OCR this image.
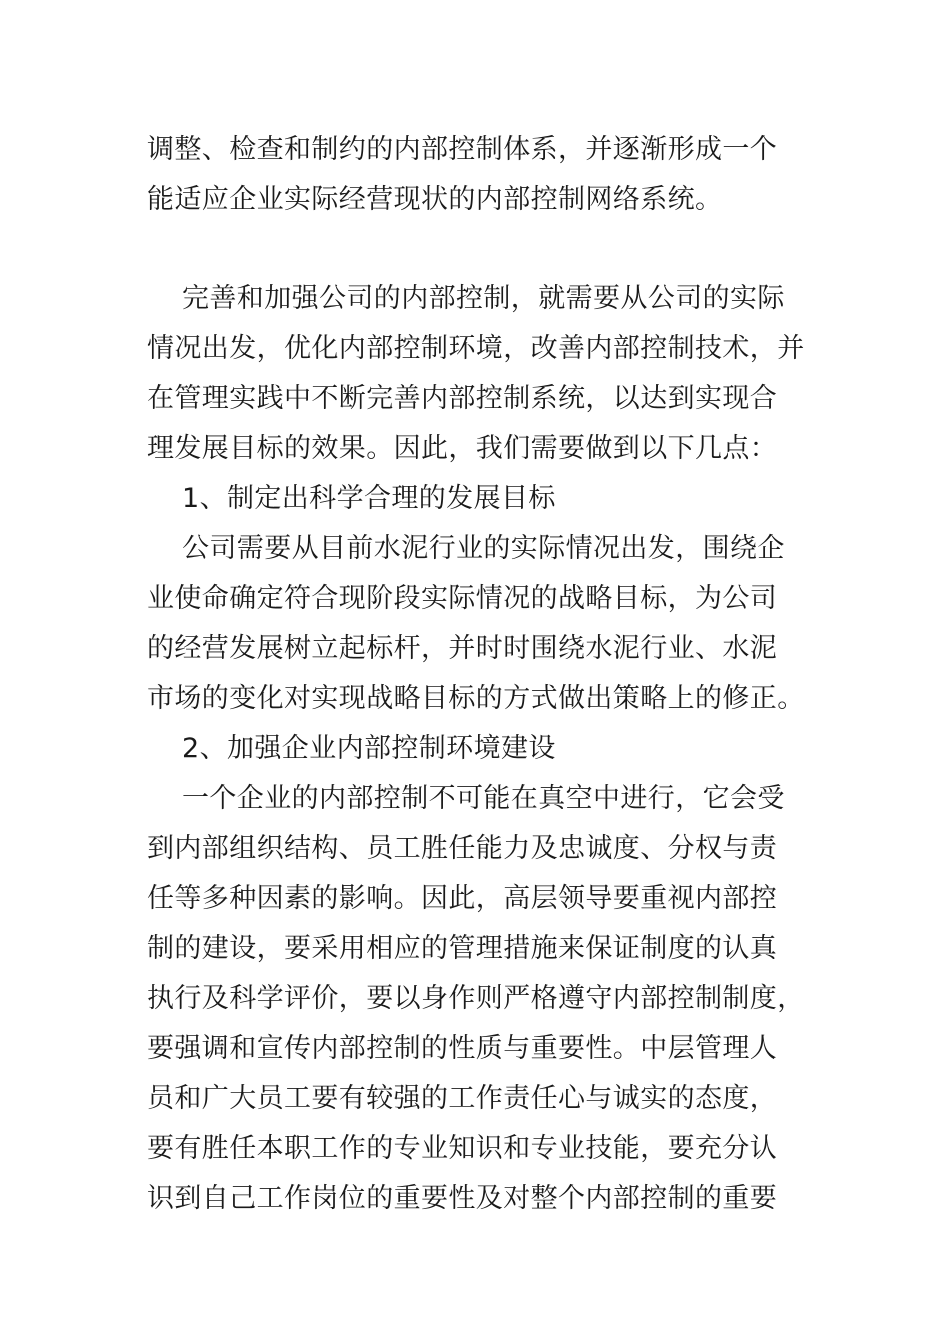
调整、检查和制约的内部控制体系，并逐渐形成一个

能适应企业实际经营现状的内部控制网络系统。

完善和加强公司的内部控制，就需要从公司的实际

情况出发，优化内部控制环境，改善内部控制技术，并

在管理实践中不断完善内部控制系统，以达到实现合

理发展目标的效果。因此，我们需要做到以下几点：

1、制定出科学合理的发展目标

公司需要从目前水泥行业的实际情况出发，围绕企

业使命确定符合现阶段实际情况的战略目标，为公司

的经营发展树立起标杆，并时时围绕水泥行业、水泥

市场的变化对实现战略目标的方式做出策略上的修正。

2、加强企业内部控制环境建设

一个企业的内部控制不可能在真空中进行，它会受

到内部组织结构、员工胜任能力及忠诚度、分权与责

任等多种因素的影响。因此，高层领导要重视内部控

制的建设，要采用相应的管理措施来保证制度的认真

执行及科学评价，要以身作则严格遵守内部控制制度，

要强调和宣传内部控制的性质与重要性。中层管理人

员和广大员工要有较强的工作责任心与诚实的态度，

要有胜任本职工作的专业知识和专业技能，要充分认

识到自己工作岗位的重要性及对整个内部控制的重要
